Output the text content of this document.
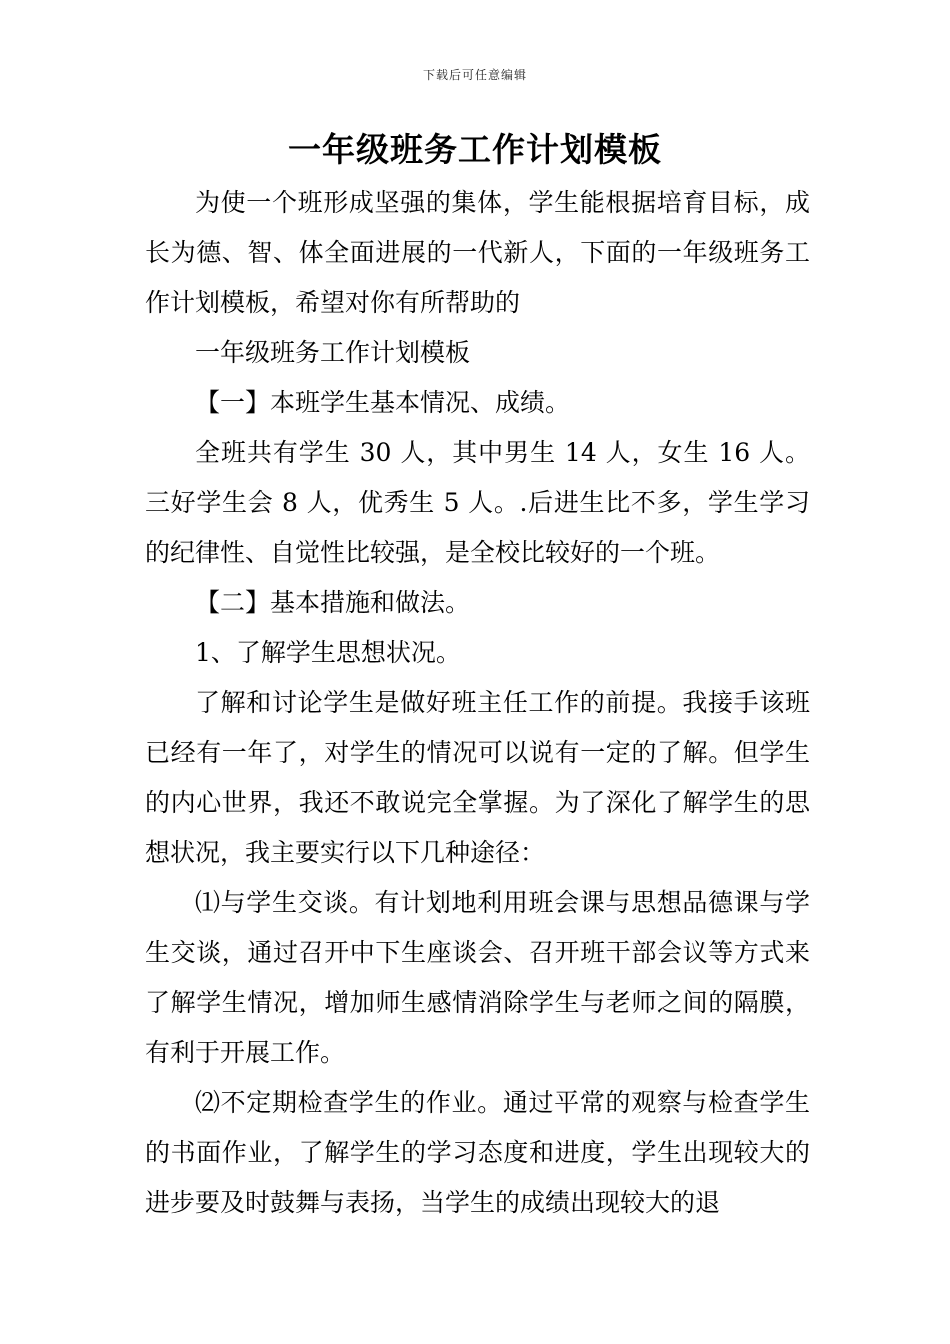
下载后可任意编辑
一年级班务工作计划模板

为使一个班形成坚强的集体，学生能根据培育目标，成长为德、智、体全面进展的一代新人，下面的一年级班务工作计划模板，希望对你有所帮助的

一年级班务工作计划模板

【一】本班学生基本情况、成绩。

全班共有学生 30 人，其中男生 14 人，女生 16 人。三好学生会 8 人，优秀生 5 人。.后进生比不多，学生学习的纪律性、自觉性比较强，是全校比较好的一个班。

【二】基本措施和做法。

1、了解学生思想状况。

了解和讨论学生是做好班主任工作的前提。我接手该班已经有一年了，对学生的情况可以说有一定的了解。但学生的内心世界，我还不敢说完全掌握。为了深化了解学生的思想状况，我主要实行以下几种途径：

⑴与学生交谈。有计划地利用班会课与思想品德课与学生交谈，通过召开中下生座谈会、召开班干部会议等方式来了解学生情况，增加师生感情消除学生与老师之间的隔膜，有利于开展工作。

⑵不定期检查学生的作业。通过平常的观察与检查学生的书面作业，了解学生的学习态度和进度，学生出现较大的进步要及时鼓舞与表扬，当学生的成绩出现较大的退
